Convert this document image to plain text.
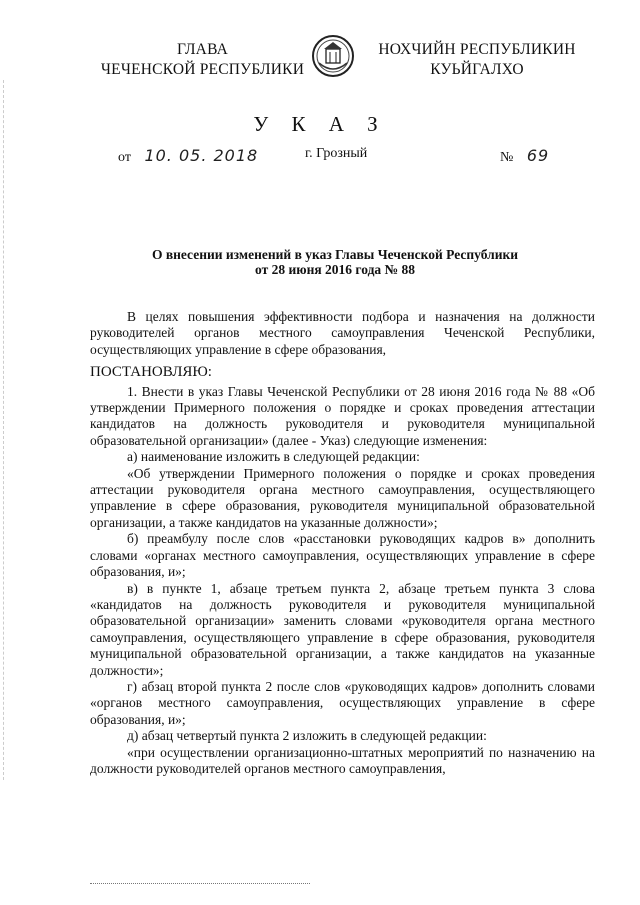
ГЛАВА
ЧЕЧЕНСКОЙ РЕСПУБЛИКИ
НОХЧИЙН РЕСПУБЛИКИН
КУЬЙГАЛХО
У К А З
от 10. 05. 2018	г. Грозный	№ 69
О внесении изменений в указ Главы Чеченской Республики
от 28 июня 2016 года № 88

В целях повышения эффективности подбора и назначения на должности руководителей органов местного самоуправления Чеченской Республики, осуществляющих управление в сфере образования,

ПОСТАНОВЛЯЮ:

1. Внести в указ Главы Чеченской Республики от 28 июня 2016 года № 88 «Об утверждении Примерного положения о порядке и сроках проведения аттестации кандидатов на должность руководителя и руководителя муниципальной образовательной организации» (далее - Указ) следующие изменения:

а) наименование изложить в следующей редакции:

«Об утверждении Примерного положения о порядке и сроках проведения аттестации руководителя органа местного самоуправления, осуществляющего управление в сфере образования, руководителя муниципальной образовательной организации, а также кандидатов на указанные должности»;

б) преамбулу после слов «расстановки руководящих кадров в» дополнить словами «органах местного самоуправления, осуществляющих управление в сфере образования, и»;

в) в пункте 1, абзаце третьем пункта 2, абзаце третьем пункта 3 слова «кандидатов на должность руководителя и руководителя муниципальной образовательной организации» заменить словами «руководителя органа местного самоуправления, осуществляющего управление в сфере образования, руководителя муниципальной образовательной организации, а также кандидатов на указанные должности»;

г) абзац второй пункта 2 после слов «руководящих кадров» дополнить словами «органов местного самоуправления, осуществляющих управление в сфере образования, и»;

д) абзац четвертый пункта 2 изложить в следующей редакции:

«при осуществлении организационно-штатных мероприятий по назначению на должности руководителей органов местного самоуправления,
